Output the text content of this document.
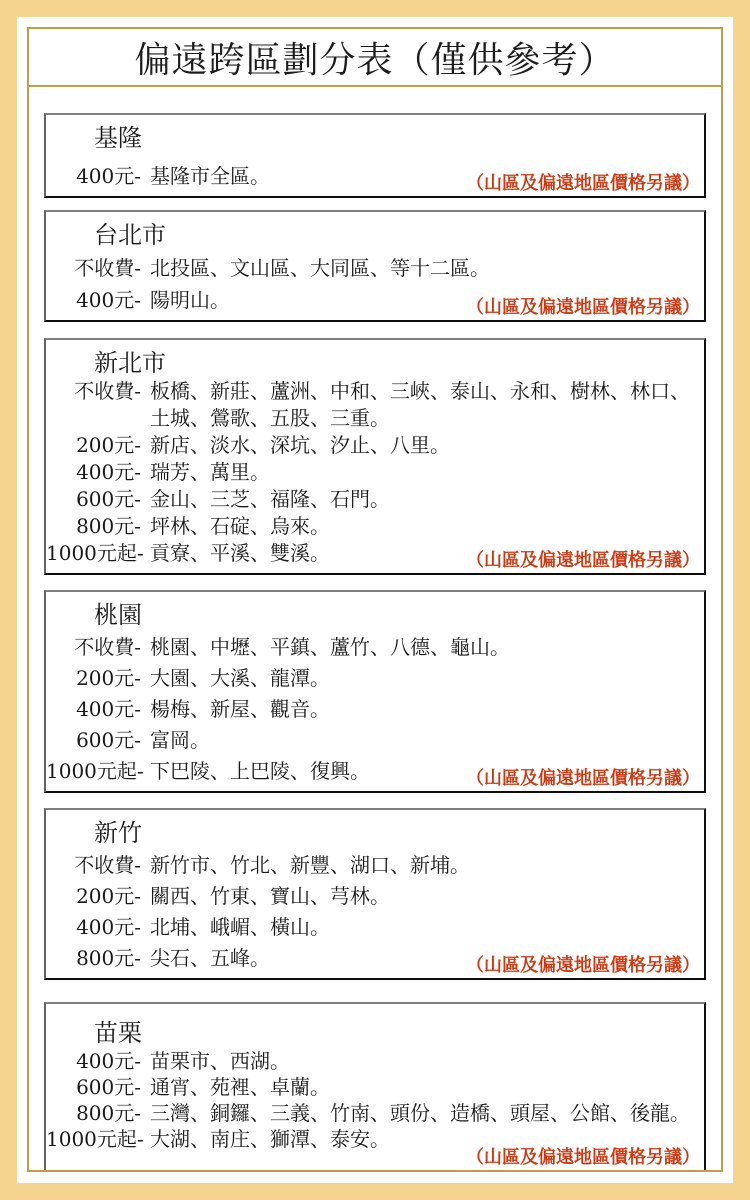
偏遠跨區劃分表（僅供參考）
基隆
400元- 基隆市全區。	（山區及偏遠地區價格另議）
台北市
不收費- 北投區、文山區、大同區、等十二區。
400元- 陽明山。	（山區及偏遠地區價格另議）
新北市
不收費- 板橋、新莊、蘆洲、中和、三峽、泰山、永和、樹林、林口、土城、鶯歌、五股、三重。
200元- 新店、淡水、深坑、汐止、八里。
400元- 瑞芳、萬里。
600元- 金山、三芝、福隆、石門。
800元- 坪林、石碇、烏來。
1000元起- 貢寮、平溪、雙溪。	（山區及偏遠地區價格另議）
桃園
不收費- 桃園、中壢、平鎮、蘆竹、八德、龜山。
200元- 大園、大溪、龍潭。
400元- 楊梅、新屋、觀音。
600元- 富岡。
1000元起- 下巴陵、上巴陵、復興。	（山區及偏遠地區價格另議）
新竹
不收費- 新竹市、竹北、新豐、湖口、新埔。
200元- 關西、竹東、寶山、芎林。
400元- 北埔、峨嵋、橫山。
800元- 尖石、五峰。	（山區及偏遠地區價格另議）
苗栗
400元- 苗栗市、西湖。
600元- 通宵、苑裡、卓蘭。
800元- 三灣、銅鑼、三義、竹南、頭份、造橋、頭屋、公館、後龍。
1000元起- 大湖、南庄、獅潭、泰安。
（山區及偏遠地區價格另議）
